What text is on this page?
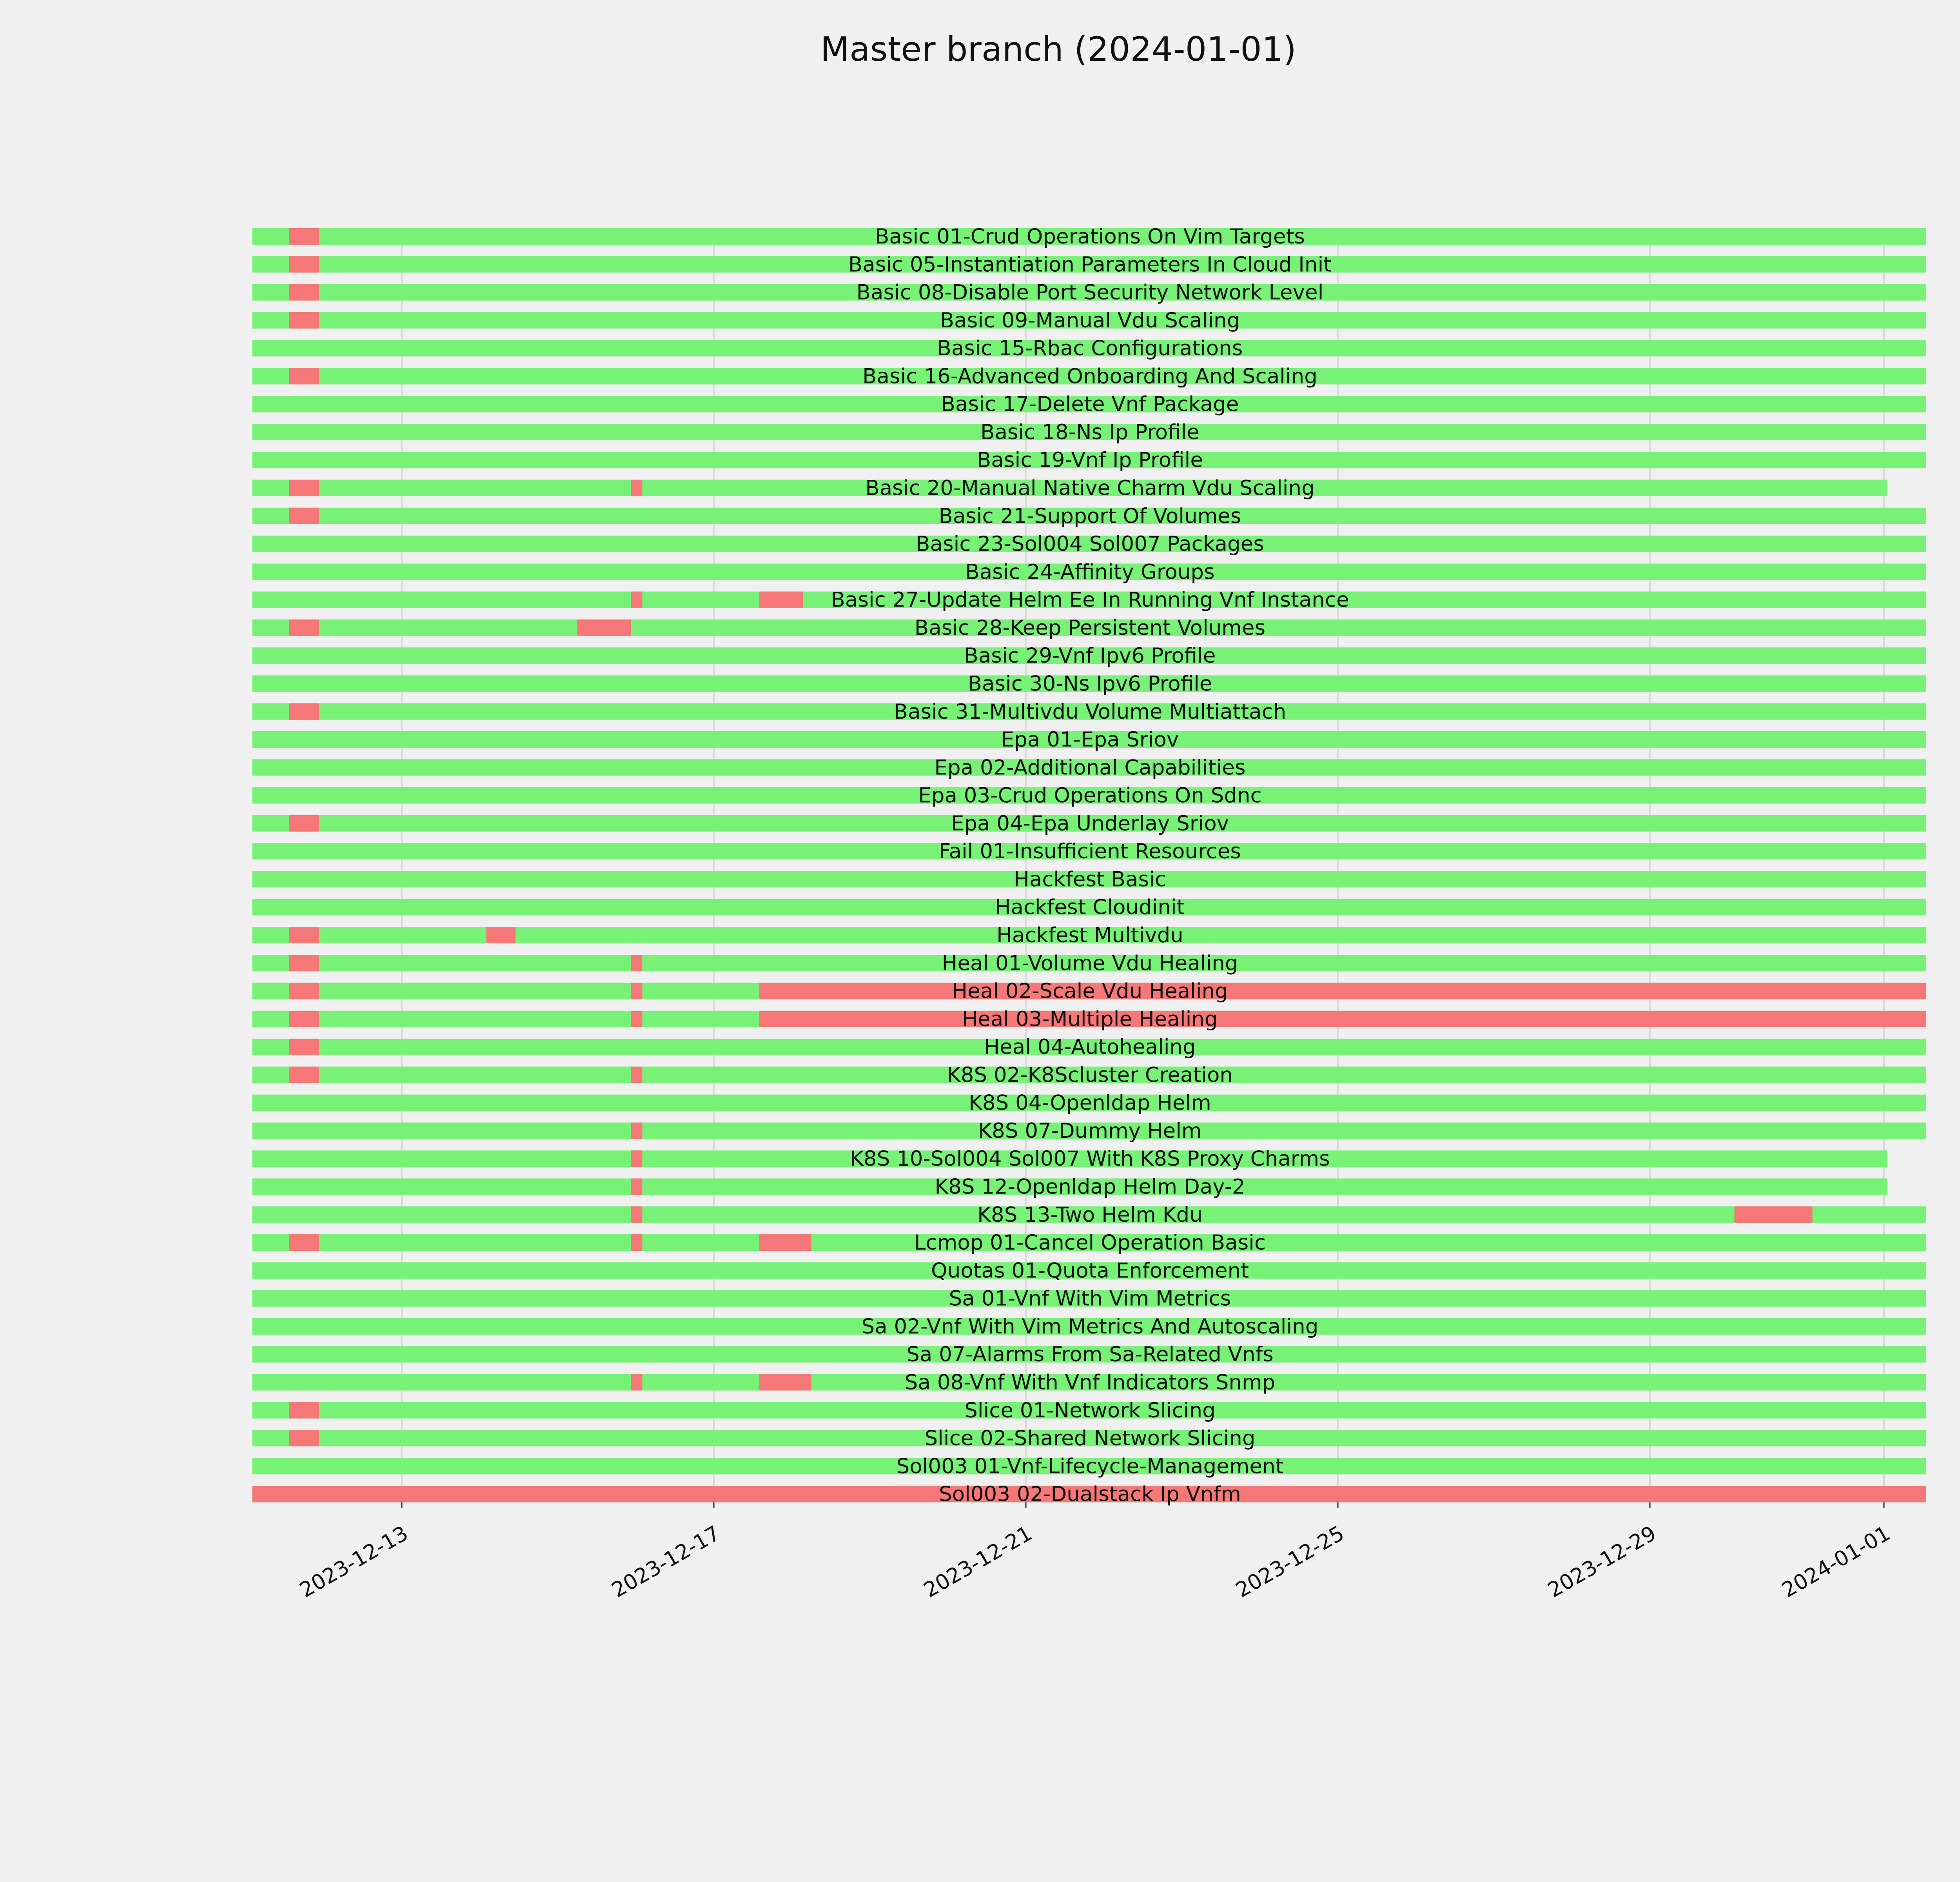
Master branch (2024-01-01)
Basic 01-Crud Operations On Vim Targets
Basic 05-Instantiation Parameters In Cloud Init
Basic 08-Disable Port Security Network Level
Basic 09-Manual Vdu Scaling
Basic 15-Rbac Configurations
Basic 16-Advanced Onboarding And Scaling
Basic 17-Delete Vnf Package
Basic 18-Ns Ip Profile
Basic 19-Vnf Ip Profile
Basic 20-Manual Native Charm Vdu Scaling
Basic 21-Support Of Volumes
Basic 23-Sol004 Sol007 Packages
Basic 24-Affinity Groups
Basic 27-Update Helm Ee In Running Vnf Instance
Basic 28-Keep Persistent Volumes
Basic 29-Vnf Ipv6 Profile
Basic 30-Ns Ipv6 Profile
Basic 31-Multivdu Volume Multiattach
Epa 01-Epa Sriov
Epa 02-Additional Capabilities
Epa 03-Crud Operations On Sdnc
Epa 04-Epa Underlay Sriov
Fail 01-Insufficient Resources
Hackfest Basic
Hackfest Cloudinit
Hackfest Multivdu
Heal 01-Volume Vdu Healing
Heal 02-Scale Vdu Healing
Heal 03-Multiple Healing
Heal 04-Autohealing
K8S 02-K8Scluster Creation
K8S 04-Openldap Helm
K8S 07-Dummy Helm
K8S 10-Sol004 Sol007 With K8S Proxy Charms
K8S 12-Openldap Helm Day-2
K8S 13-Two Helm Kdu
Lcmop 01-Cancel Operation Basic
Quotas 01-Quota Enforcement
Sa 01-Vnf With Vim Metrics
Sa 02-Vnf With Vim Metrics And Autoscaling
Sa 07-Alarms From Sa-Related Vnfs
Sa 08-Vnf With Vnf Indicators Snmp
Slice 01-Network Slicing
Slice 02-Shared Network Slicing
Sol003 01-Vnf-Lifecycle-Management
Sol003 02-Dualstack Ip Vnfm
2023-12-13	2023-12-17	2023-12-21	2023-12-25	2023-12-29	2024-01-01
